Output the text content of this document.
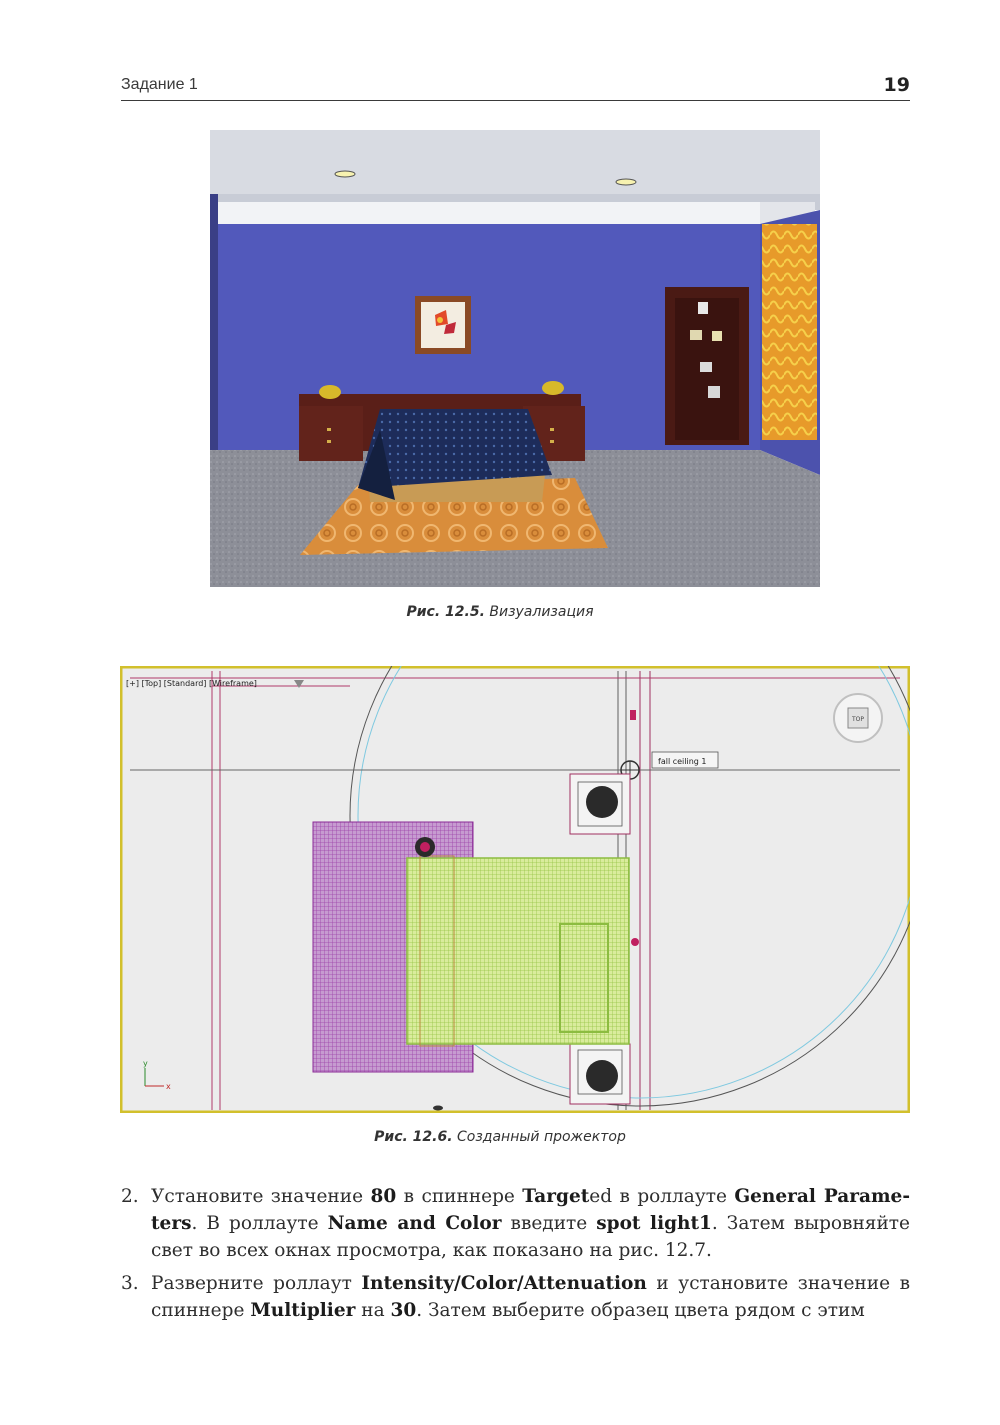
Задание 1	19
Рис. 12.5. Визуализация
fall ceiling 1
TOP
[+] [Top] [Standard] [Wireframe]
y
x
Рис. 12.6. Созданный прожектор
2. Установите значение 80 в спиннере Targeted в роллауте General Parame-ters. В роллауте Name and Color введите spot light1. Затем выровняйте свет во всех окнах просмотра, как показано на рис. 12.7.
3. Разверните роллаут Intensity/Color/Attenuation и установите значение в спиннере Multiplier на 30. Затем выберите образец цвета рядом с этим
